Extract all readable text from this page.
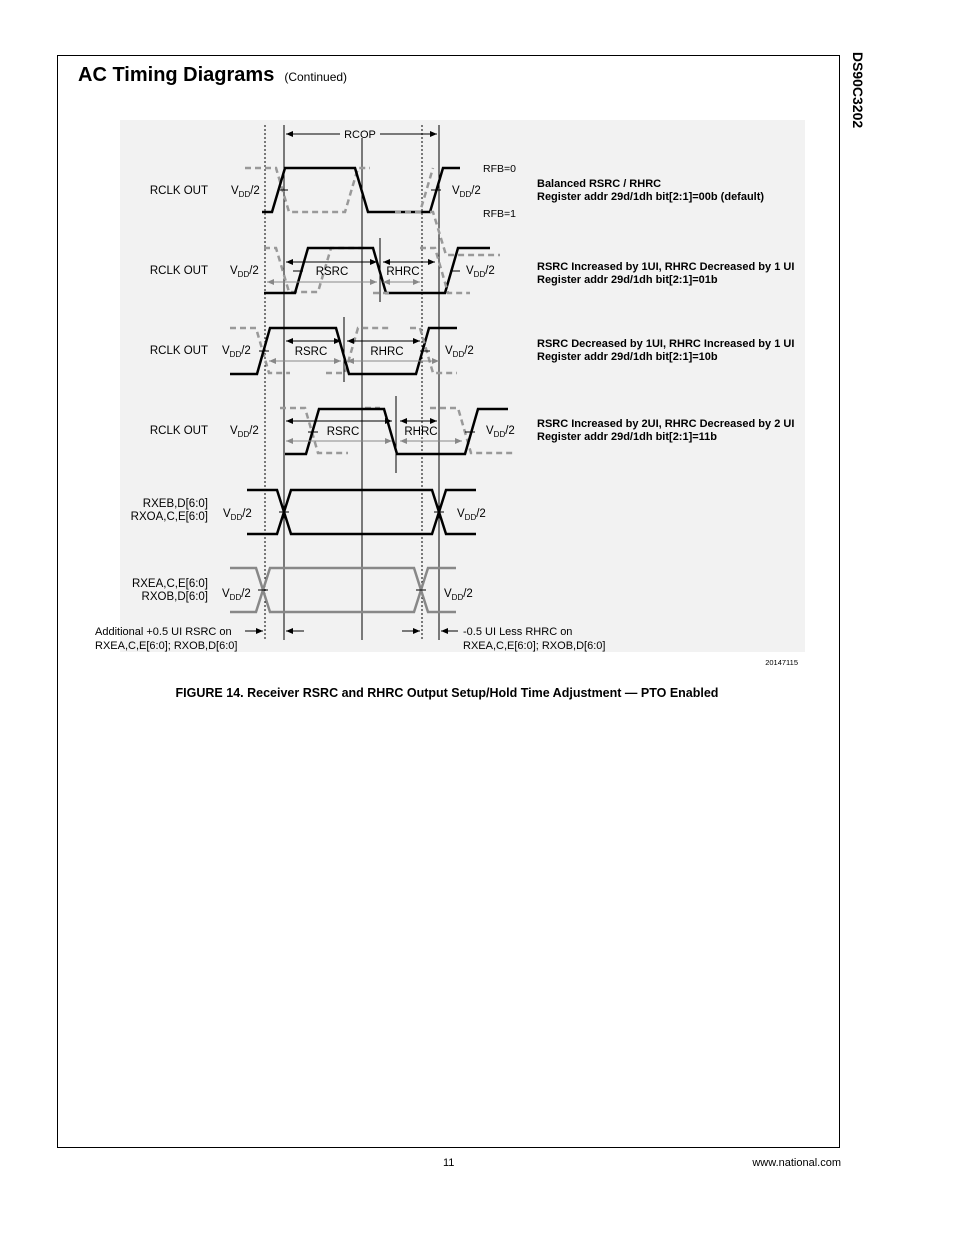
AC Timing Diagrams (Continued)	DS90C3202
RCOP
RCLK OUT $V_{DD}/2$	$V_{DD}/2$
RFB=0
RFB=1
Balanced RSRC / RHRC
Register addr 29d/1dh bit[2:1]=00b (default)
RCLK OUT	RSRC	RHRC
$V_{DD}/2$	$V_{DD}/2$	RSRC Increased by 1UI, RHRC Decreased by 1 UI
Register addr 29d/1dh bit[2:1]=01b
RCLK OUT	RSRC	RHRC
$V_{DD}/2$	$V_{DD}/2$
RSRC Decreased by 1UI, RHRC Increased by 1 UI
Register addr 29d/1dh bit[2:1]=10b
RCLK OUT	RSRC	RHRC
$V_{DD}/2$	$V_{DD}/2$
RSRC Increased by 2UI, RHRC Decreased by 2 UI
Register addr 29d/1dh bit[2:1]=11b
RXEB,D[6:0]
RXOA,C,E[6:0] $V_{DD}/2$	$V_{DD}/2$
RXEA,C,E[6:0]
RXOB,D[6:0] $V_{DD}/2$	$V_{DD}/2$
Additional +0.5 UI RSRC on
RXEA,C,E[6:0]; RXOB,D[6:0]
-0.5 UI Less RHRC on
RXEA,C,E[6:0]; RXOB,D[6:0]
20147115
FIGURE 14. Receiver RSRC and RHRC Output Setup/Hold Time Adjustment — PTO Enabled
11	www.national.com
